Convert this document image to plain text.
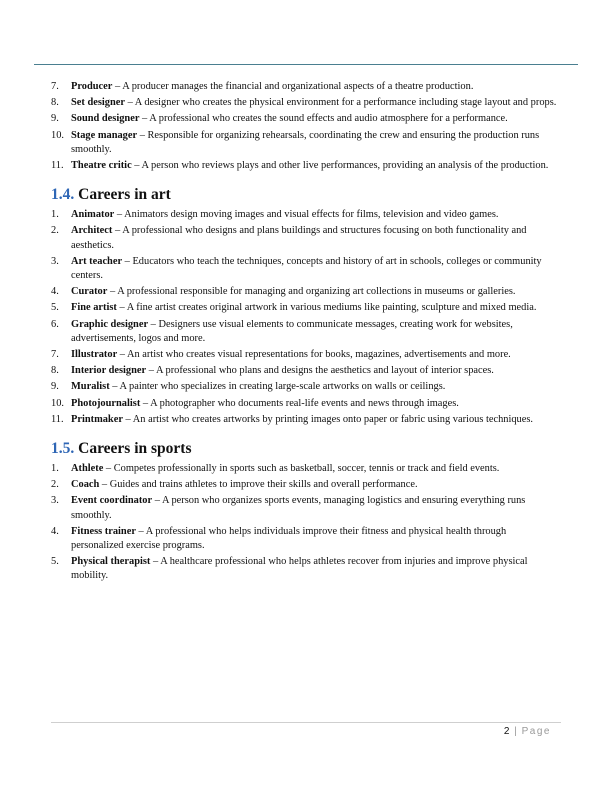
7. Producer – A producer manages the financial and organizational aspects of a theatre production.
8. Set designer – A designer who creates the physical environment for a performance including stage layout and props.
9. Sound designer – A professional who creates the sound effects and audio atmosphere for a performance.
10. Stage manager – Responsible for organizing rehearsals, coordinating the crew and ensuring the production runs smoothly.
11. Theatre critic – A person who reviews plays and other live performances, providing an analysis of the production.
1.4. Careers in art
1. Animator – Animators design moving images and visual effects for films, television and video games.
2. Architect – A professional who designs and plans buildings and structures focusing on both functionality and aesthetics.
3. Art teacher – Educators who teach the techniques, concepts and history of art in schools, colleges or community centers.
4. Curator – A professional responsible for managing and organizing art collections in museums or galleries.
5. Fine artist – A fine artist creates original artwork in various mediums like painting, sculpture and mixed media.
6. Graphic designer – Designers use visual elements to communicate messages, creating work for websites, advertisements, logos and more.
7. Illustrator – An artist who creates visual representations for books, magazines, advertisements and more.
8. Interior designer – A professional who plans and designs the aesthetics and layout of interior spaces.
9. Muralist – A painter who specializes in creating large-scale artworks on walls or ceilings.
10. Photojournalist – A photographer who documents real-life events and news through images.
11. Printmaker – An artist who creates artworks by printing images onto paper or fabric using various techniques.
1.5. Careers in sports
1. Athlete – Competes professionally in sports such as basketball, soccer, tennis or track and field events.
2. Coach – Guides and trains athletes to improve their skills and overall performance.
3. Event coordinator – A person who organizes sports events, managing logistics and ensuring everything runs smoothly.
4. Fitness trainer – A professional who helps individuals improve their fitness and physical health through personalized exercise programs.
5. Physical therapist – A healthcare professional who helps athletes recover from injuries and improve physical mobility.
2 | Page
